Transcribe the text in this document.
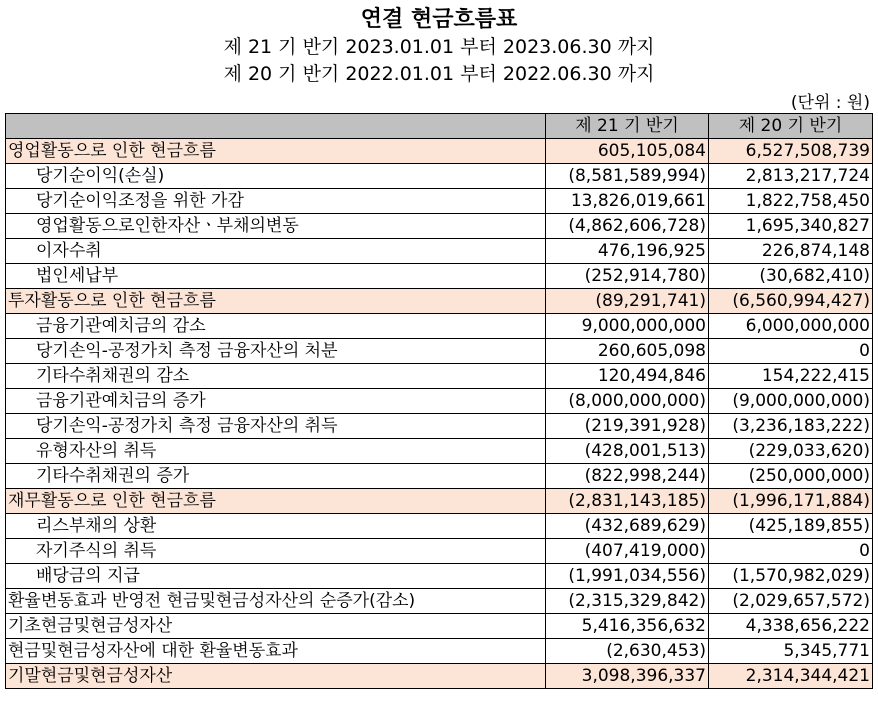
연결 현금흐름표
제 21 기 반기 2023.01.01 부터 2023.06.30 까지
제 20 기 반기 2022.01.01 부터 2022.06.30 까지
(단위 : 원)
	제 21 기 반기	제 20 기 반기
영업활동으로 인한 현금흐름	605,105,084	6,527,508,739
당기순이익(손실)	(8,581,589,994)	2,813,217,724
당기순이익조정을 위한 가감	13,826,019,661	1,822,758,450
영업활동으로인한자산ㆍ부채의변동	(4,862,606,728)	1,695,340,827
이자수취	476,196,925	226,874,148
법인세납부	(252,914,780)	(30,682,410)
투자활동으로 인한 현금흐름	(89,291,741)	(6,560,994,427)
금융기관예치금의 감소	9,000,000,000	6,000,000,000
당기손익-공정가치 측정 금융자산의 처분	260,605,098	0
기타수취채권의 감소	120,494,846	154,222,415
금융기관예치금의 증가	(8,000,000,000)	(9,000,000,000)
당기손익-공정가치 측정 금융자산의 취득	(219,391,928)	(3,236,183,222)
유형자산의 취득	(428,001,513)	(229,033,620)
기타수취채권의 증가	(822,998,244)	(250,000,000)
재무활동으로 인한 현금흐름	(2,831,143,185)	(1,996,171,884)
리스부채의 상환	(432,689,629)	(425,189,855)
자기주식의 취득	(407,419,000)	0
배당금의 지급	(1,991,034,556)	(1,570,982,029)
환율변동효과 반영전 현금및현금성자산의 순증가(감소)	(2,315,329,842)	(2,029,657,572)
기초현금및현금성자산	5,416,356,632	4,338,656,222
현금및현금성자산에 대한 환율변동효과	(2,630,453)	5,345,771
기말현금및현금성자산	3,098,396,337	2,314,344,421
